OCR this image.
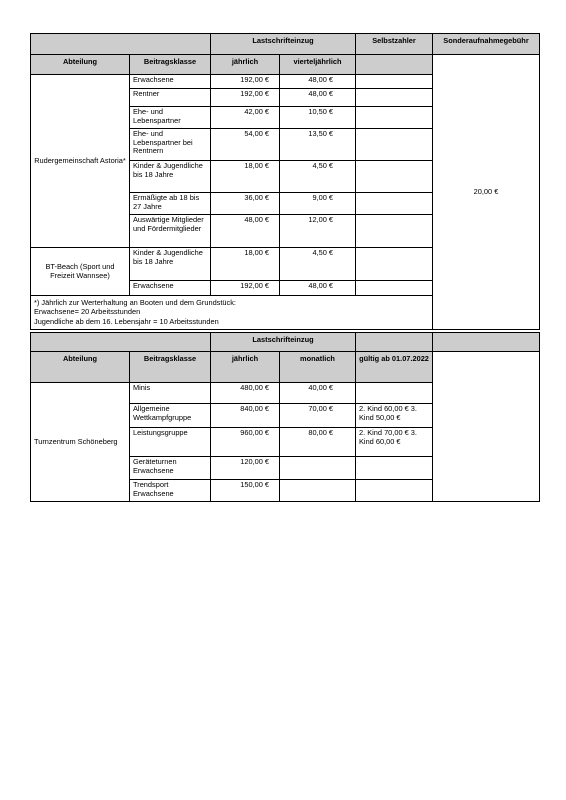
		Lastschrifteinzug		Selbstzahler	Sonderaufnahmegebühr
Abteilung	Beitragsklasse	jährlich	vierteljährlich		20,00 €
Rudergemeinschaft Astoria*	Erwachsene	192,00 €	48,00 €		
	Rentner	192,00 €	48,00 €		
	Ehe- und Lebenspartner	42,00 €	10,50 €		
	Ehe- und Lebenspartner bei Rentnern	54,00 €	13,50 €		
	Kinder & Jugendliche bis 18 Jahre	18,00 €	4,50 €		
	Ermäßigte ab 18 bis 27 Jahre	36,00 €	9,00 €		
	Auswärtige Mitglieder und Fördermitglieder	48,00 €	12,00 €		
BT-Beach (Sport und Freizeit Wannsee)	Kinder & Jugendliche bis 18 Jahre	18,00 €	4,50 €		
	Erwachsene	192,00 €	48,00 €		

*) Jährlich zur Werterhaltung an Booten und dem Grundstück:
Erwachsene= 20 Arbeitsstunden
Jugendliche ab dem 16. Lebensjahr = 10 Arbeitsstunden					
		Lastschrifteinzug			
Abteilung	Beitragsklasse	jährlich	monatlich	gültig ab 01.07.2022	
Turnzentrum Schöneberg	Minis	480,00 €	40,00 €		
	Allgemeine Wettkampfgruppe	840,00 €	70,00 €	2. Kind 60,00 € 3. Kind 50,00 €	
	Leistungsgruppe	960,00 €	80,00 €	2. Kind 70,00 € 3. Kind 60,00 €	
	Geräteturnen Erwachsene	120,00 €			
	Trendsport Erwachsene	150,00 €			
